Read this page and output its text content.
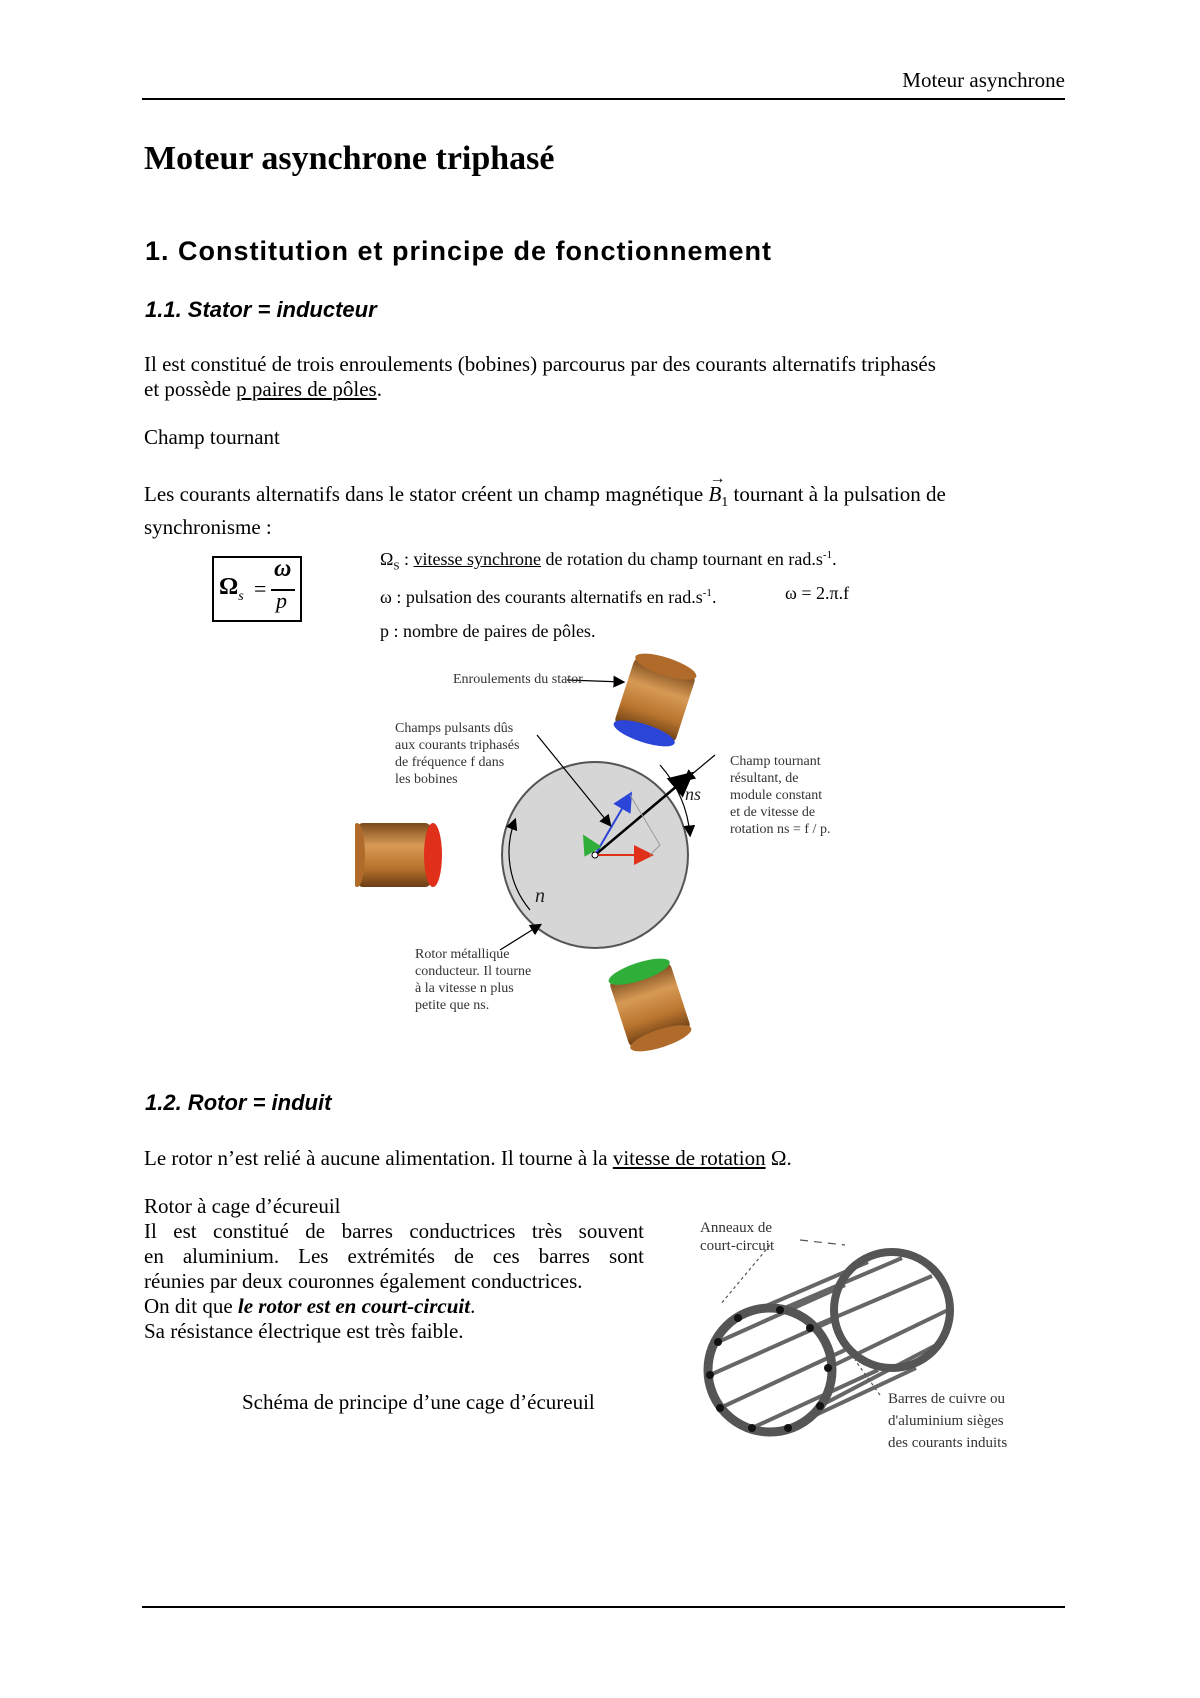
Moteur asynchrone
Moteur asynchrone triphasé
1. Constitution et principe de fonctionnement
1.1. Stator = inducteur
Il est constitué de trois enroulements (bobines) parcourus par des courants alternatifs triphasés
et possède p paires de pôles.
Champ tournant
Les courants alternatifs dans le stator créent un champ magnétique
→
$B_1$ tournant à la pulsation de
synchronisme :
$\Omega_s$ =
ω
p
$\Omega_S$ : vitesse synchrone de rotation du champ tournant en $rad.s^{-1}$.
ω : pulsation des courants alternatifs en $rad.s^{-1}$.	ω = 2.π.f
p : nombre de paires de pôles.
Enroulements du stator
Champs pulsants dûs
aux courants triphasés
de fréquence f dans
les bobines
Champ tournant
résultant, de
module constant
et de vitesse de
rotation ns = f / p.
Rotor métallique
conducteur. Il tourne
à la vitesse n plus
petite que ns.
ns
n
1.2. Rotor = induit
Le rotor n’est relié à aucune alimentation. Il tourne à la vitesse de rotation Ω.
Rotor à cage d’écureuil
Il est constitué de barres conductrices très souvent
en aluminium. Les extrémités de ces barres sont
réunies par deux couronnes également conductrices.
On dit que le rotor est en court-circuit.
Sa résistance électrique est très faible.
Schéma de principe d’une cage d’écureuil
Anneaux de
court-circuit
Barres de cuivre ou
d'aluminium sièges
des courants induits
